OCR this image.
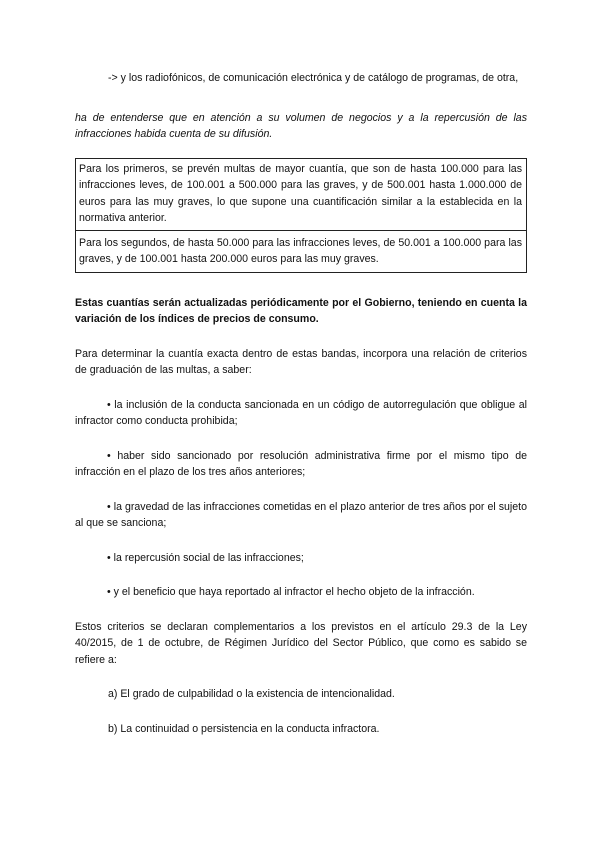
-> y los radiofónicos, de comunicación electrónica y de catálogo de programas, de otra,

ha de entenderse que en atención a su volumen de negocios y a la repercusión de las infracciones habida cuenta de su difusión.

Para los primeros, se prevén multas de mayor cuantía, que son de hasta 100.000 para las infracciones leves, de 100.001 a 500.000 para las graves, y de 500.001 hasta 1.000.000 de euros para las muy graves, lo que supone una cuantificación similar a la establecida en la normativa anterior.

Para los segundos, de hasta 50.000 para las infracciones leves, de 50.001 a 100.000 para las graves, y de 100.001 hasta 200.000 euros para las muy graves.

Estas cuantías serán actualizadas periódicamente por el Gobierno, teniendo en cuenta la variación de los índices de precios de consumo.

Para determinar la cuantía exacta dentro de estas bandas, incorpora una relación de criterios de graduación de las multas, a saber:

• la inclusión de la conducta sancionada en un código de autorregulación que obligue al infractor como conducta prohibida;

• haber sido sancionado por resolución administrativa firme por el mismo tipo de infracción en el plazo de los tres años anteriores;

• la gravedad de las infracciones cometidas en el plazo anterior de tres años por el sujeto al que se sanciona;

• la repercusión social de las infracciones;

• y el beneficio que haya reportado al infractor el hecho objeto de la infracción.

Estos criterios se declaran complementarios a los previstos en el artículo 29.3 de la Ley 40/2015, de 1 de octubre, de Régimen Jurídico del Sector Público, que como es sabido se refiere a:

a) El grado de culpabilidad o la existencia de intencionalidad.

b) La continuidad o persistencia en la conducta infractora.
